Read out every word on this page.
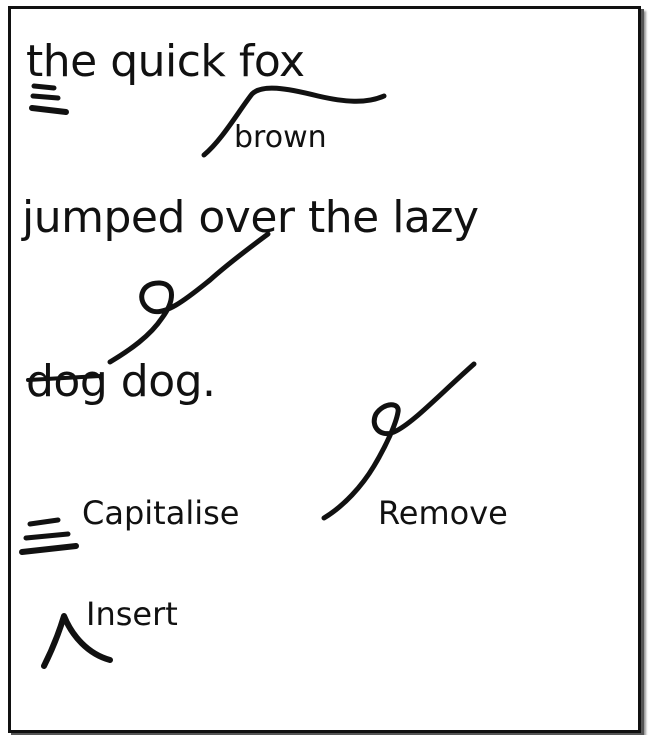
the quick fox
brown
jumped over the lazy
dog dog.
Capitalise	Remove
Insert
